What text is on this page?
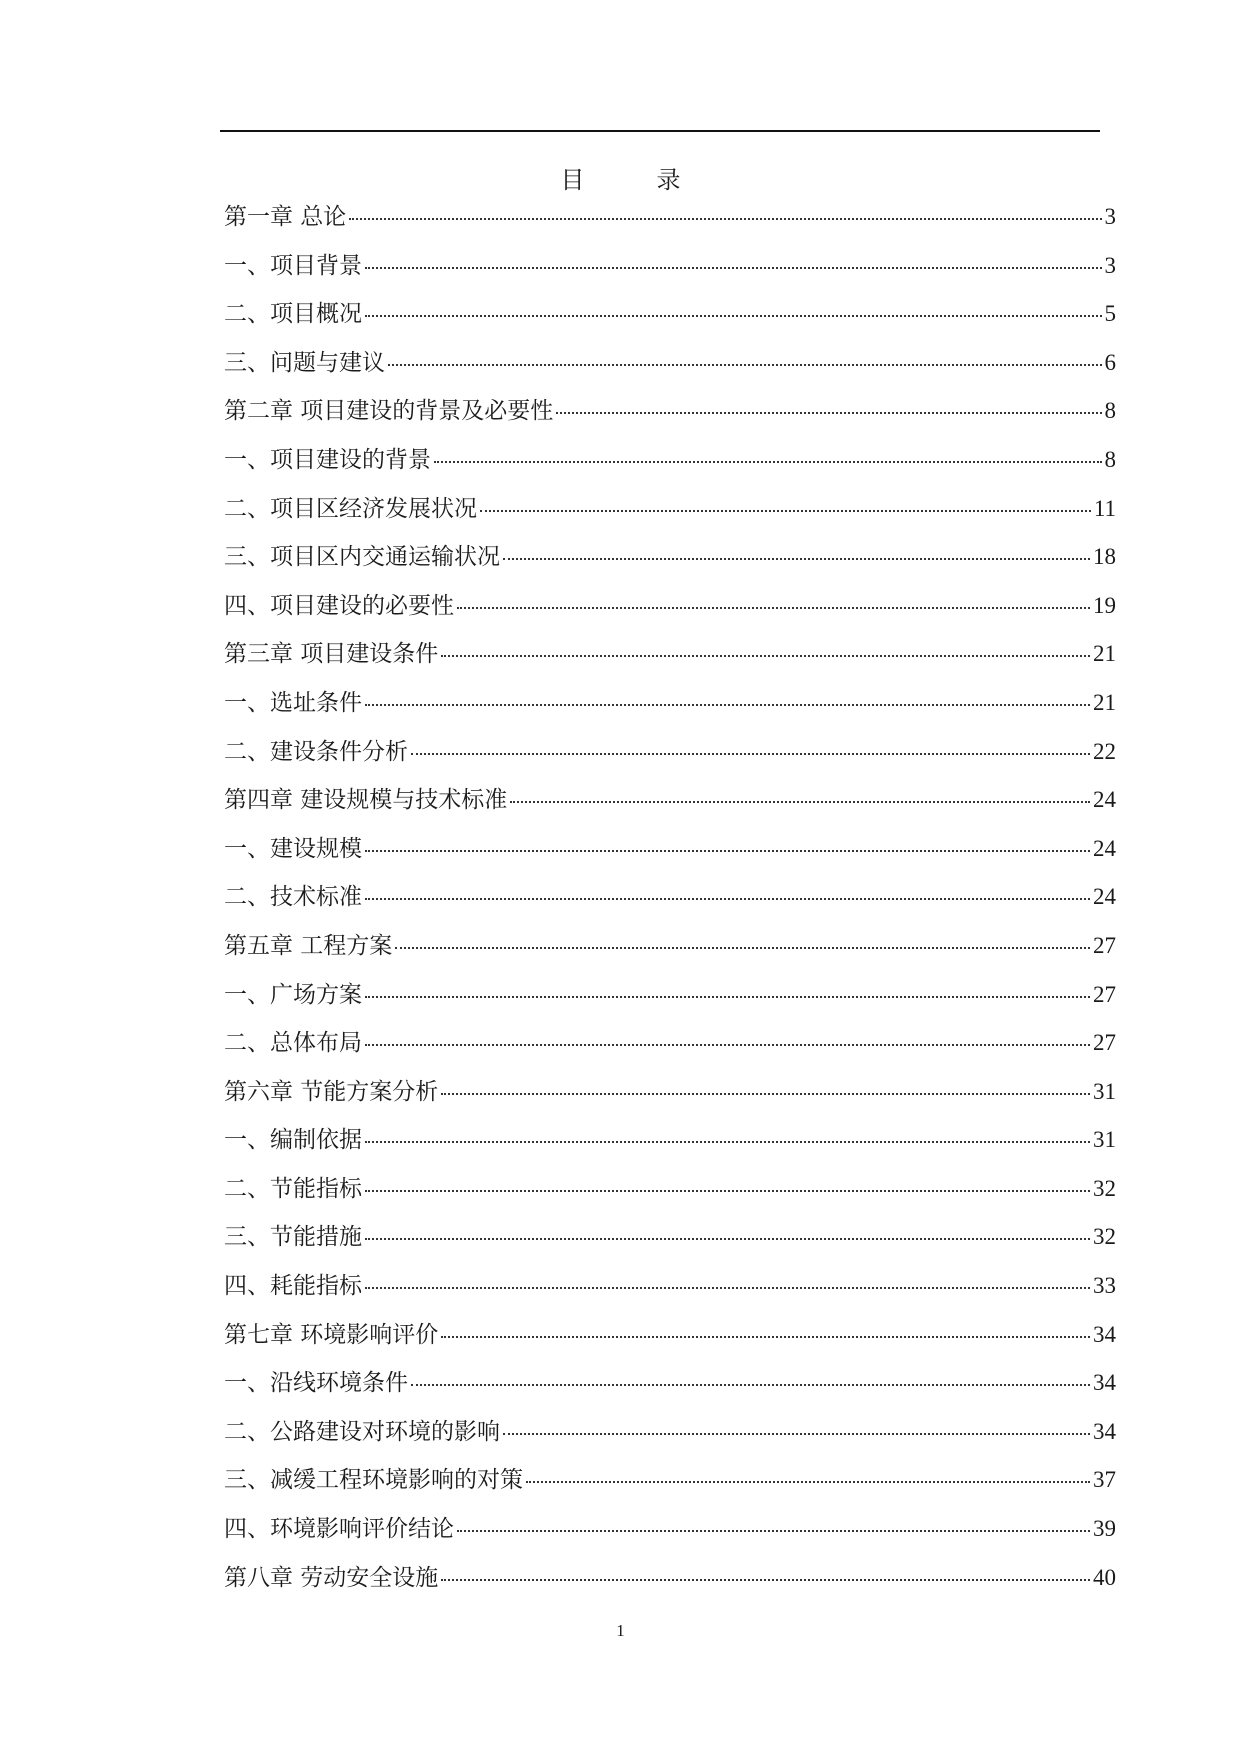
目　录
第一章 总论	3
一、项目背景	3
二、项目概况	5
三、问题与建议	6
第二章 项目建设的背景及必要性	8
一、项目建设的背景	8
二、项目区经济发展状况	11
三、项目区内交通运输状况	18
四、项目建设的必要性	19
第三章 项目建设条件	21
一、选址条件	21
二、建设条件分析	22
第四章 建设规模与技术标准	24
一、建设规模	24
二、技术标准	24
第五章 工程方案	27
一、广场方案	27
二、总体布局	27
第六章 节能方案分析	31
一、编制依据	31
二、节能指标	32
三、节能措施	32
四、耗能指标	33
第七章 环境影响评价	34
一、沿线环境条件	34
二、公路建设对环境的影响	34
三、减缓工程环境影响的对策	37
四、环境影响评价结论	39
第八章 劳动安全设施	40
1
